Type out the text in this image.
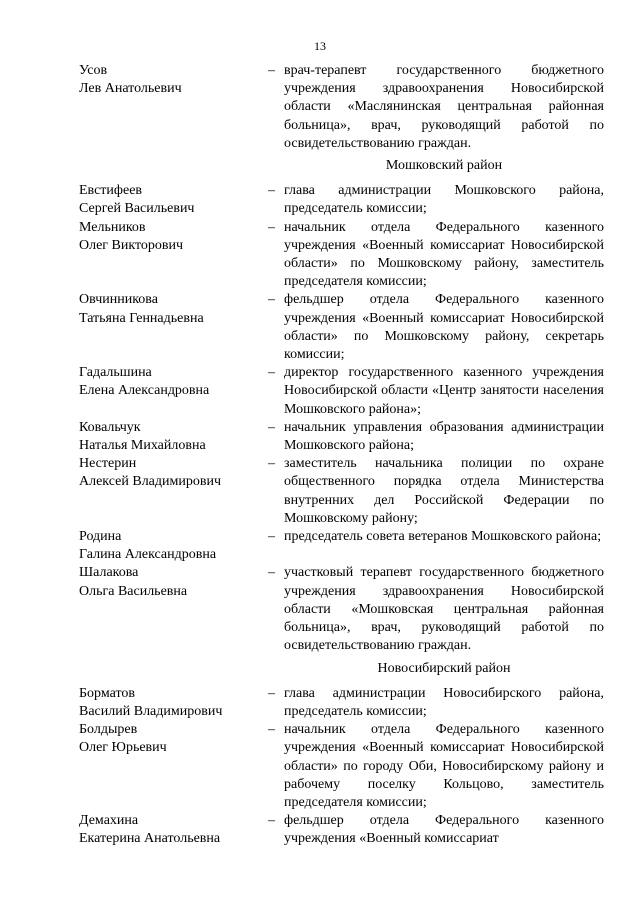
13
Усов
Лев Анатольевич
– врач-терапевт государственного бюджетного учреждения здравоохранения Новосибирской области «Маслянинская центральная районная больница», врач, руководящий работой по освидетельствованию граждан.
Мошковский район
Евстифеев
Сергей Васильевич
– глава администрации Мошковского района, председатель комиссии;
Мельников
Олег Викторович
– начальник отдела Федерального казенного учреждения «Военный комиссариат Новосибирской области» по Мошковскому району, заместитель председателя комиссии;
Овчинникова
Татьяна Геннадьевна
– фельдшер отдела Федерального казенного учреждения «Военный комиссариат Новосибирской области» по Мошковскому району, секретарь комиссии;
Гадальшина
Елена Александровна
– директор государственного казенного учреждения Новосибирской области «Центр занятости населения Мошковского района»;
Ковальчук
Наталья Михайловна
– начальник управления образования администрации Мошковского района;
Нестерин
Алексей Владимирович
– заместитель начальника полиции по охране общественного порядка отдела Министерства внутренних дел Российской Федерации по Мошковскому району;
Родина
Галина Александровна
– председатель совета ветеранов Мошковского района;
Шалакова
Ольга Васильевна
– участковый терапевт государственного бюджетного учреждения здравоохранения Новосибирской области «Мошковская центральная районная больница», врач, руководящий работой по освидетельствованию граждан.
Новосибирский район
Борматов
Василий Владимирович
– глава администрации Новосибирского района, председатель комиссии;
Болдырев
Олег Юрьевич
– начальник отдела Федерального казенного учреждения «Военный комиссариат Новосибирской области» по городу Оби, Новосибирскому району и рабочему поселку Кольцово, заместитель председателя комиссии;
Демахина
Екатерина Анатольевна
– фельдшер отдела Федерального казенного учреждения «Военный комиссариат
